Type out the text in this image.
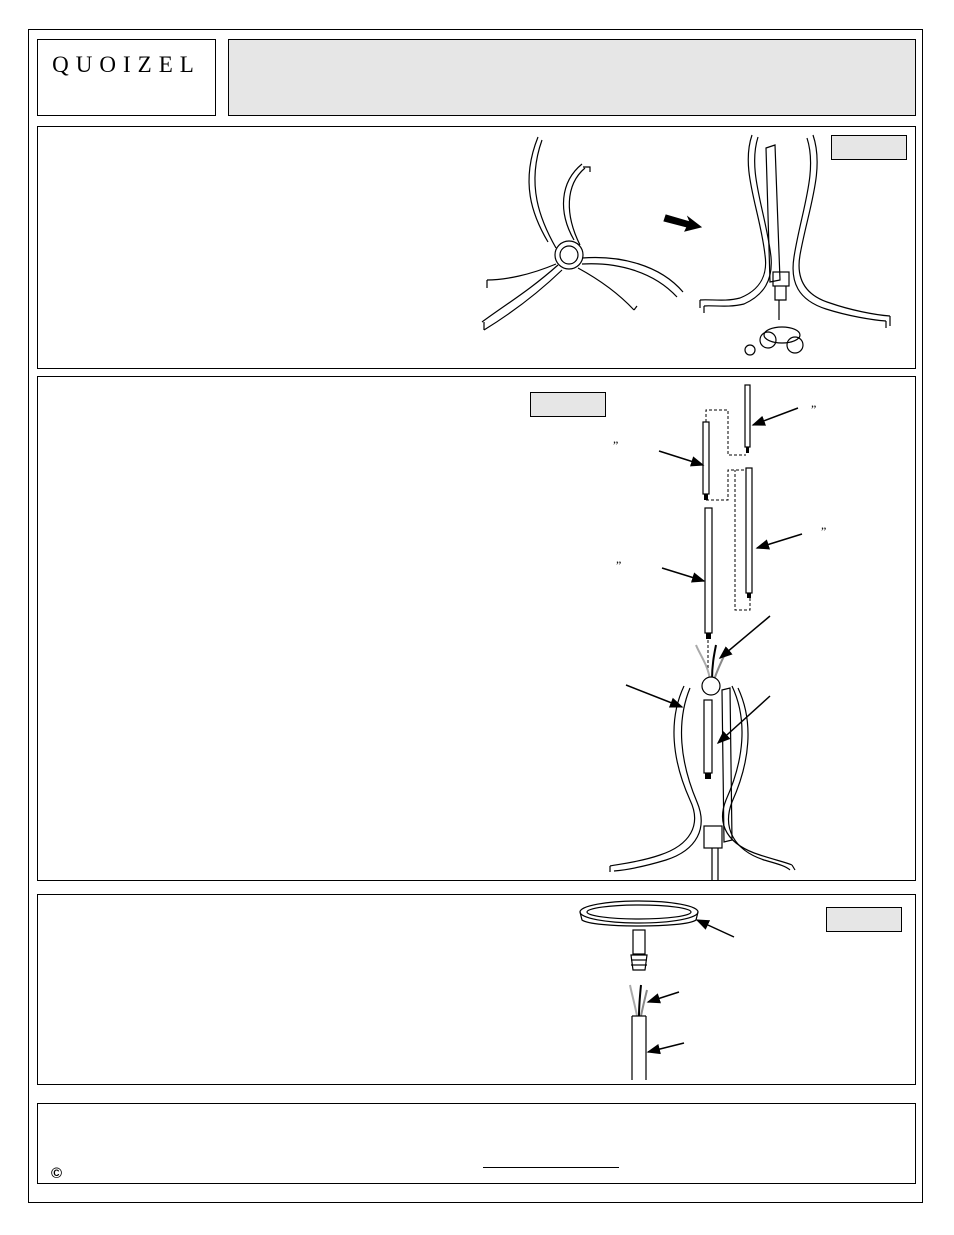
QUOIZEL
”
”
”
”
©
